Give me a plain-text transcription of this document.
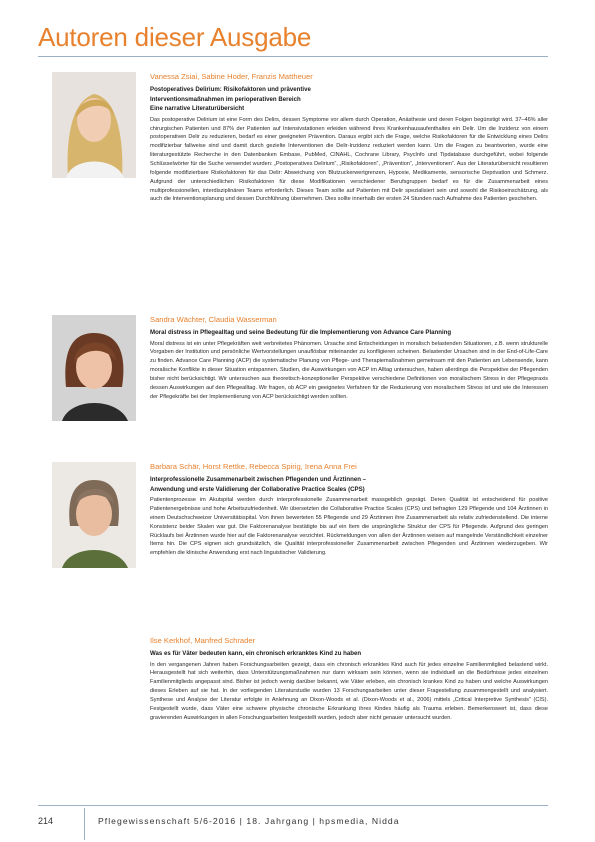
Autoren dieser Ausgabe
Vanessa Zsiai, Sabine Hoder, Franzis Mattheuer
Postoperatives Delirium: Risikofaktoren und präventive
Interventionsmaßnahmen im perioperativen Bereich
Eine narrative Literaturübersicht
Das postoperative Delirium ist eine Form des Delirs, dessen Symptome vor allem durch Operation, Anästhesie und deren Folgen begünstigt wird. 37–46% aller chirurgischen Patienten und 87% der Patienten auf Intensivstationen erleiden während ihres Krankenhausaufenthaltes ein Delir. Um die Inzidenz von einem postoperativen Delir zu reduzieren, bedarf es einer geeigneten Prävention. Daraus ergibt sich die Frage, welche Risikofaktoren für die Entwicklung eines Delirs modifizierbar fallweise sind und damit durch gezielte Interventionen die Delir-Inzidenz reduziert werden kann. Um die Fragen zu beantworten, wurde eine literaturgestützte Recherche in den Datenbanken Embase, PubMed, CINAHL, Cochrane Library, PsycInfo und Tipdatabase durchgeführt, wobei folgende Schlüsselwörter für die Suche verwendet wurden: „Postoperatives Delirium“, „Risikofaktoren“, „Prävention“, „Interventionen“. Aus der Literaturübersicht resultieren folgende modifizierbare Risikofaktoren für das Delir: Abweichung von Blutzuckerwertgrenzen, Hypoxie, Medikamente, sensorische Deprivation und Schmerz. Aufgrund der unterschiedlichen Risikofaktoren für diese Modifikationen verschiedener Berufsgruppen bedarf es für die Zusammenarbeit eines multiprofessionellen, interdisziplinären Teams erforderlich. Dieses Team sollte auf Patienten mit Delir spezialisiert sein und sowohl die Risikoeinschätzung, als auch die Interventionsplanung und dessen Durchführung übernehmen. Dies sollte innerhalb der ersten 24 Stunden nach Aufnahme des Patienten geschehen.
Sandra Wächter, Claudia Wasserman
Moral distress in Pflegealltag und seine Bedeutung für die Implementierung von Advance Care Planning
Moral distress ist ein unter Pflegekräften weit verbreitetes Phänomen. Ursache sind Entscheidungen in moralisch belastenden Situationen, z.B. wenn strukturelle Vorgaben der Institution und persönliche Wertvorstellungen unauflösbar miteinander zu konfligieren scheinen. Belastender Ursachen sind in der End-of-Life-Care zu finden. Advance Care Planning (ACP) die systematische Planung von Pflege- und Therapiemaßnahmen gemeinsam mit den Patienten am Lebensende, kann moralische Konflikte in dieser Situation entspannen. Studien, die Auswirkungen von ACP im Alltag untersuchen, haben allerdings die Perspektive der Pflegenden bisher nicht berücksichtigt. Wir untersuchen aus theoretisch-konzeptioneller Perspektive verschiedene Definitionen von moralischem Stress in der Pflegepraxis dessen Auswirkungen auf den Pflegealltag. Wir fragen, ob ACP ein geeignetes Verfahren für die Reduzierung von moralischem Stress ist und wie die Interessen der Pflegekräfte bei der Implementierung von ACP berücksichtigt werden sollten.
Barbara Schär, Horst Rettke, Rebecca Spirig, Irena Anna Frei
Interprofessionelle Zusammenarbeit zwischen Pflegenden und Ärztinnen –
Anwendung und erste Validierung der Collaborative Practice Scales (CPS)
Patientenprozesse im Akutspital werden durch interprofessionelle Zusammenarbeit massgeblich geprägt. Deren Qualität ist entscheidend für positive Patientenergebnisse und hohe Arbeitszufriedenheit. Wir übersetzten die Collaborative Practice Scales (CPS) und befragten 129 Pflegende und 104 Ärztinnen in einem Deutschschweizer Universitätsspital. Von ihnen bewerteten 55 Pflegende und 29 Ärztinnen ihre Zusammenarbeit als relativ zufriedenstellend. Die interne Konsistenz beider Skalen war gut. Die Faktorenanalyse bestätigte bis auf ein Item die ursprüngliche Struktur der CPS für Pflegende. Aufgrund des geringen Rücklaufs bei Ärztinnen wurde hier auf die Faktorenanalyse verzichtet. Rückmeldungen von allen der Ärztinnen weisen auf mangelnde Verständlichkeit einzelner Items hin. Die CPS eignen sich grundsätzlich, die Qualität interprofessioneller Zusammenarbeit zwischen Pflegenden und Ärztinnen wiederzugeben. Wir empfehlen die klinische Anwendung erst nach linguistischer Validierung.
Ilse Kerkhof, Manfred Schrader
Was es für Väter bedeuten kann, ein chronisch erkranktes Kind zu haben
In den vergangenen Jahren haben Forschungsarbeiten gezeigt, dass ein chronisch erkranktes Kind auch für jedes einzelne Familienmitglied belastend wirkt. Herausgestellt hat sich weiterhin, dass Unterstützungsmaßnahmen nur dann wirksam sein können, wenn sie individuell an die Bedürfnisse jedes einzelnen Familienmitglieds angepasst sind. Bisher ist jedoch wenig darüber bekannt, wie Väter erleben, ein chronisch krankes Kind zu haben und welche Auswirkungen dieses Erleben auf sie hat. In der vorliegenden Literaturstudie wurden 13 Forschungsarbeiten unter dieser Fragestellung zusammengestellt und analysiert. Synthese und Analyse der Literatur erfolgte in Anlehnung an Dixon-Woods et al. (Dixon-Woods et al., 2006) mittels „Critical Interpretive Synthesis“ (CIS). Festgestellt wurde, dass Väter eine schwere physische chronische Erkrankung ihres Kindes häufig als Trauma erleben. Bemerkenswert ist, dass diese gravierenden Auswirkungen in allen Forschungsarbeiten festgestellt wurden, jedoch aber nicht genauer untersucht wurden.
214	Pflegewissenschaft 5/6-2016 | 18. Jahrgang | hpsmedia, Nidda
